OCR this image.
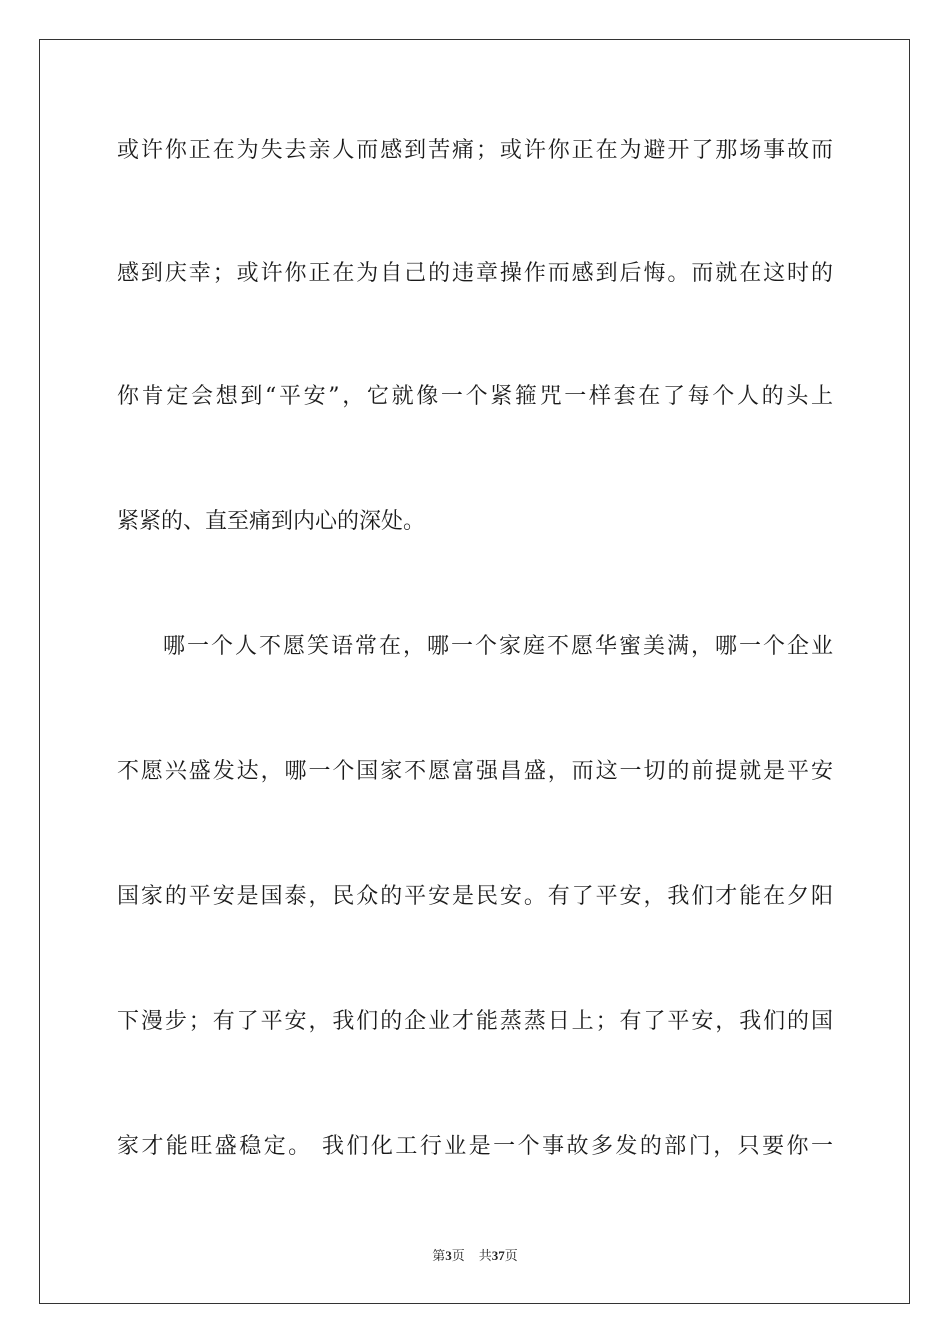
或许你正在为失去亲人而感到苦痛；或许你正在为避开了那场事故而
感到庆幸；或许你正在为自己的违章操作而感到后悔。而就在这时的
你肯定会想到“平安”，它就像一个紧箍咒一样套在了每个人的头上
紧紧的、直至痛到内心的深处。
哪一个人不愿笑语常在，哪一个家庭不愿华蜜美满，哪一个企业
不愿兴盛发达，哪一个国家不愿富强昌盛，而这一切的前提就是平安
国家的平安是国泰，民众的平安是民安。有了平安，我们才能在夕阳
下漫步；有了平安，我们的企业才能蒸蒸日上；有了平安，我们的国
家才能旺盛稳定。 我们化工行业是一个事故多发的部门，只要你一
第3页 共37页
